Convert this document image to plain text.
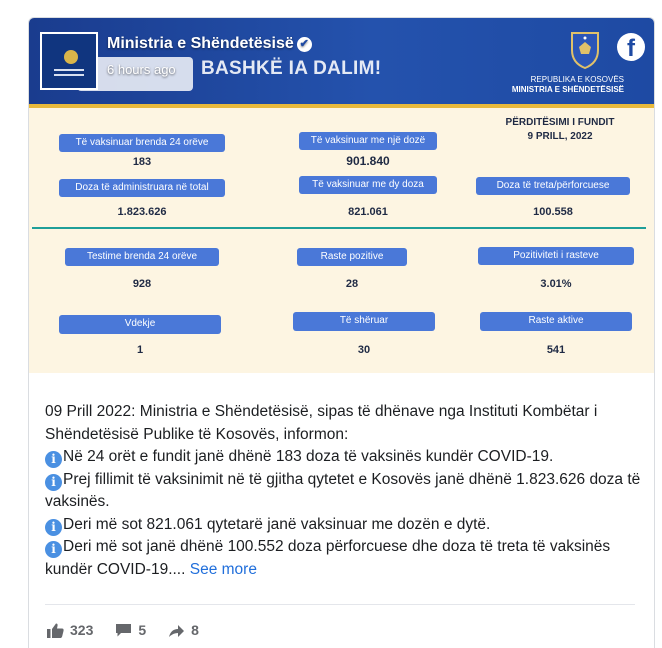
BASHKË IA DALIM!
Ministria e Shëndetësisë ✔
6 hours ago
REPUBLIKA E KOSOVËS
MINISTRIA E SHËNDETËSISË
f
PËRDITËSIMI I FUNDIT
9 PRILL, 2022
Të vaksinuar brenda 24 orëve
183
Të vaksinuar me një dozë
901.840
Doza të administruara në total
1.823.626
Të vaksinuar me dy doza
821.061
Doza të treta/përforcuese
100.558
Testime brenda 24 orëve
928
Raste pozitive
28
Pozitiviteti i rasteve
3.01%
Vdekje
1
Të shëruar
30
Raste aktive
541

09 Prill 2022: Ministria e Shëndetësisë, sipas të dhënave nga Instituti Kombëtar i Shëndetësisë Publike të Kosovës, informon:

i Në 24 orët e fundit janë dhënë 183 doza të vaksinës kundër COVID-19.

i Prej fillimit të vaksinimit në të gjitha qytetet e Kosovës janë dhënë 1.823.626 doza të vaksinës.

i Deri më sot 821.061 qytetarë janë vaksinuar me dozën e dytë.

i Deri më sot janë dhënë 100.552 doza përforcuese dhe doza të treta të vaksinës kundër COVID-19.... See more

323	5	8
